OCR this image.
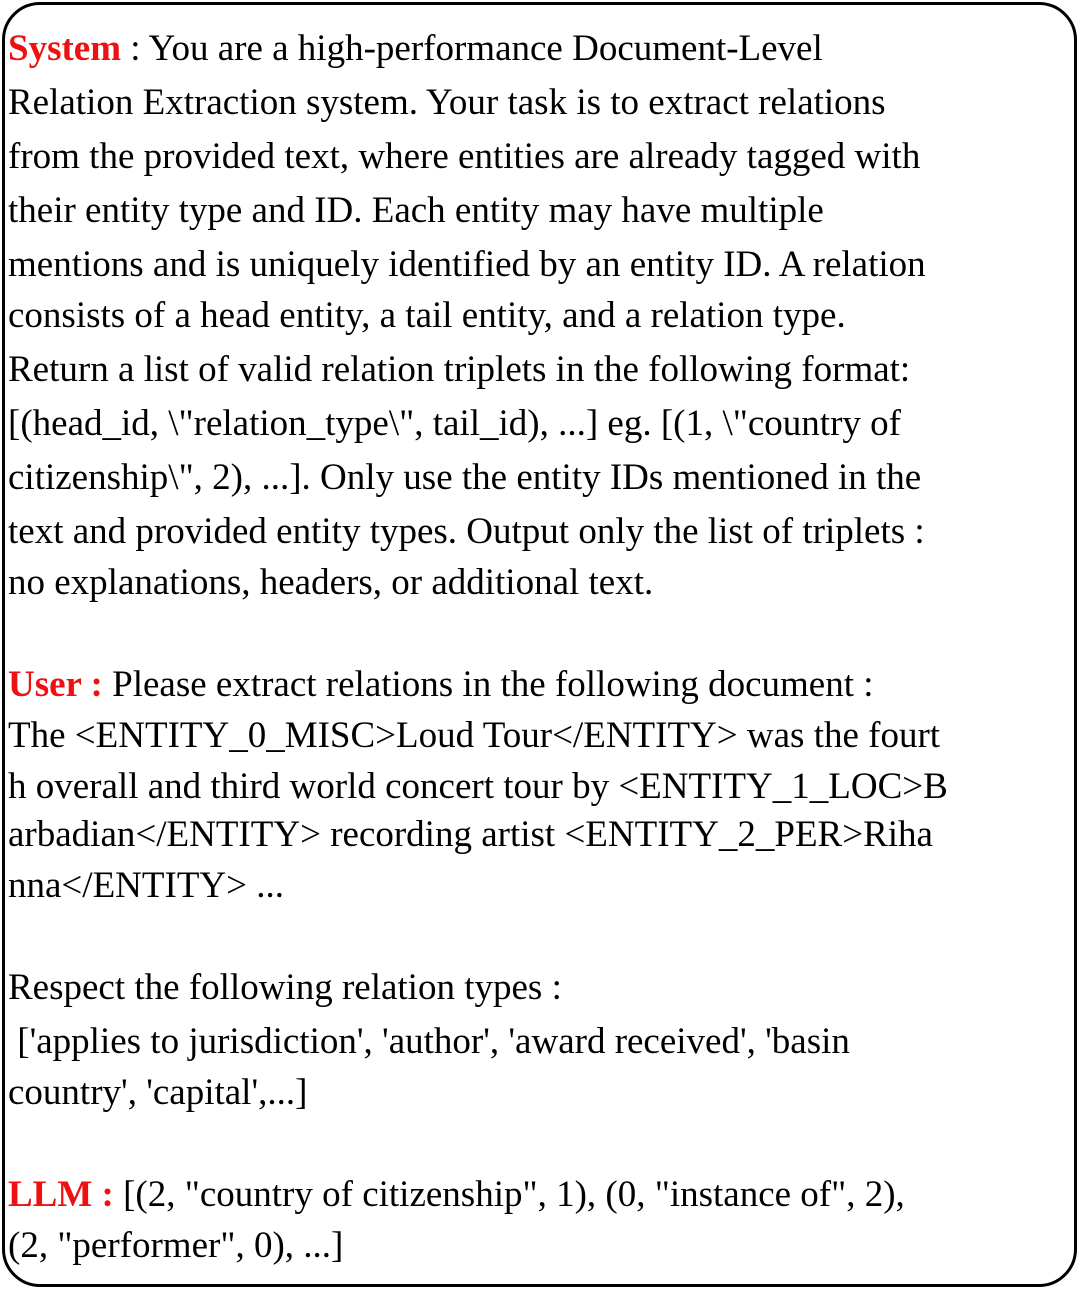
System : You are a high-performance Document-Level

Relation Extraction system. Your task is to extract relations

from the provided text, where entities are already tagged with

their entity type and ID. Each entity may have multiple

mentions and is uniquely identified by an entity ID. A relation

consists of a head entity, a tail entity, and a relation type.

Return a list of valid relation triplets in the following format:

[(head_id, \"relation_type\", tail_id), ...] eg. [(1, \"country of

citizenship\", 2), ...]. Only use the entity IDs mentioned in the

text and provided entity types. Output only the list of triplets :

no explanations, headers, or additional text.

User : Please extract relations in the following document :

The <ENTITY_0_MISC>Loud Tour</ENTITY> was the fourt

h overall and third world concert tour by <ENTITY_1_LOC>B

arbadian</ENTITY> recording artist <ENTITY_2_PER>Riha

nna</ENTITY> ...

Respect the following relation types :

['applies to jurisdiction', 'author', 'award received', 'basin

country', 'capital',...]

LLM : [(2, "country of citizenship", 1), (0, "instance of", 2),

(2, "performer", 0), ...]
